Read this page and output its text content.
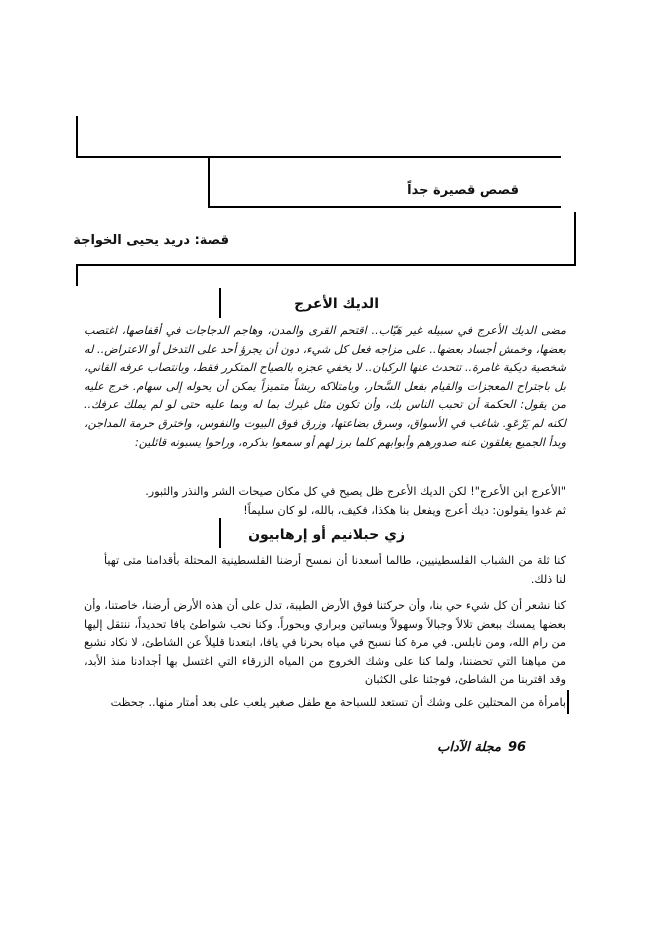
قصص قصيرة جداً
قصة: دريد يحيى الخواجة
الديك الأعرج
مضى الديك الأعرج في سبيله غير هَيّاب.. اقتحم القرى والمدن، وهاجم الدجاجات في أقفاصها، اغتصب بعضها، وخمش أجساد بعضها.. على مزاجه فعل كل شيء، دون أن يجرؤ أحد على التدخل أو الاعتراض.. له شخصية ديكية غامرة.. تتحدث عنها الركبان.. لا يخفي عجزه بالصياح المتكرر فقط، وبانتصاب عرفه القاني، بل باجتراح المعجزات والقيام بفعل السَّحار، وبامتلاكه ريشاً متميزاً يمكن أن يحوله إلى سهام. خرج عليه من يقول: الحكمة أن تحبب الناس بك، وأن تكون مثل غيرك بما له وبما عليه حتى لو لم يملك عرفك.. لكنه لم يَرْعَوِ. شاغب في الأسواق، وسرق بضاعتها، وزرق فوق البيوت والنفوس، واخترق حرمة المداجن، وبدأ الجميع يغلقون عنه صدورهم وأبوابهم كلما برز لهم أو سمعوا بذكره، وراحوا يسبونه قائلين:
"الأعرج ابن الأعرج"! لكن الديك الأعرج ظل يصيح في كل مكان صيحات الشر والنذر والثبور.
ثم غدوا يقولون: ديك أعرج ويفعل بنا هكذا، فكيف، بالله، لو كان سليماً!
زي حبلانيم أو إرهابيون
كنا ثلة من الشباب الفلسطينيين، طالما أسعدنا أن نمسح أرضنا الفلسطينية المحتلة بأقدامنا متى تهيأ لنا ذلك.
كنا نشعر أن كل شيء حي بنا، وأن حركتنا فوق الأرض الطيبة، تدل على أن هذه الأرض أرضنا، خاصتنا، وأن بعضها يمسك ببعض تلالاً وجبالاً وسهولاً وبساتين وبراري وبحوراً. وكنا نحب شواطئ يافا تحديداً، ننتقل إليها من رام الله، ومن نابلس. في مرة كنا نسبح في مياه بحرنا في يافا، ابتعدنا قليلاً عن الشاطئ، لا نكاد نشبع من مياهنا التي تحضننا، ولما كنا على وشك الخروج من المياه الزرقاء التي اغتسل بها أجدادنا منذ الأبد، وقد اقتربنا من الشاطئ، فوجئنا على الكثبان
بامرأة من المحتلين على وشك أن تستعد للسباحة مع طفل صغير يلعب على بعد أمتار منها.. جحظت
96
مجلة الآداب
